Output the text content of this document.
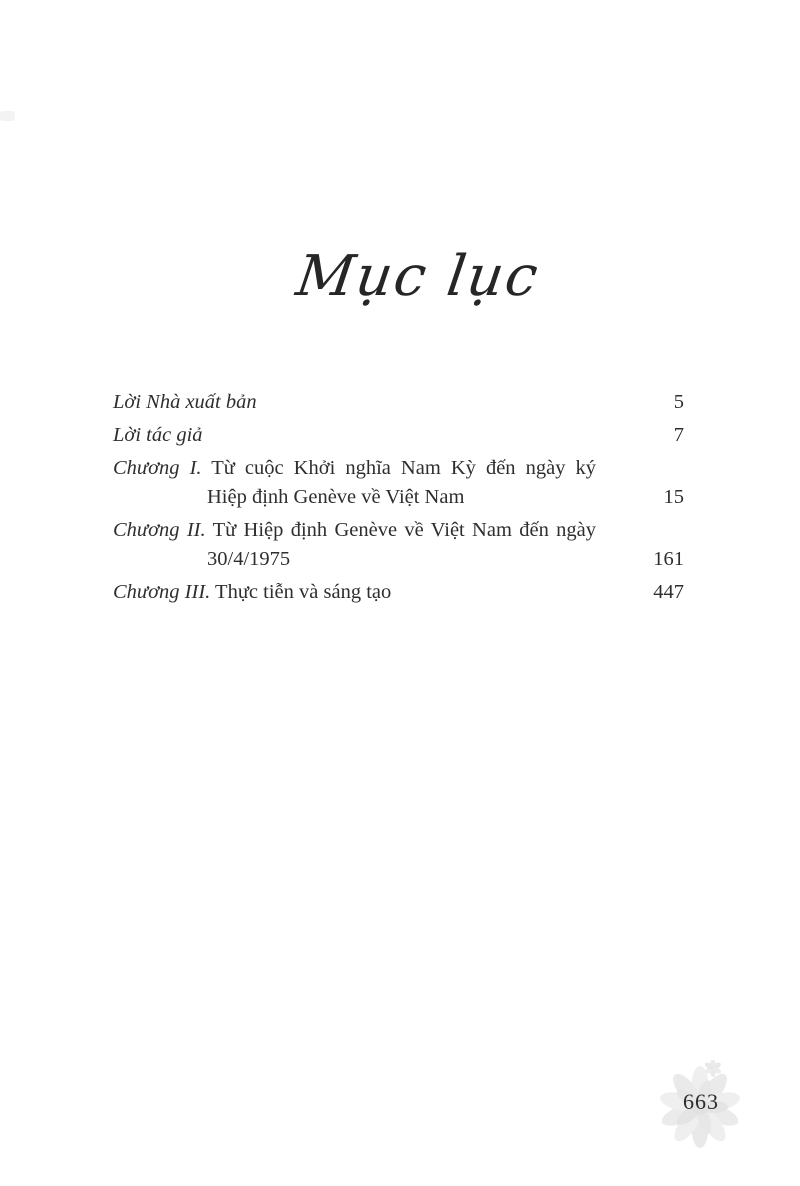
Mục lục
Lời Nhà xuất bản	5
Lời tác giả	7
Chương I. Từ cuộc Khởi nghĩa Nam Kỳ đến ngày ký
Hiệp định Genève về Việt Nam	15
Chương II. Từ Hiệp định Genève về Việt Nam đến ngày
30/4/1975	161
Chương III. Thực tiễn và sáng tạo	447
663
